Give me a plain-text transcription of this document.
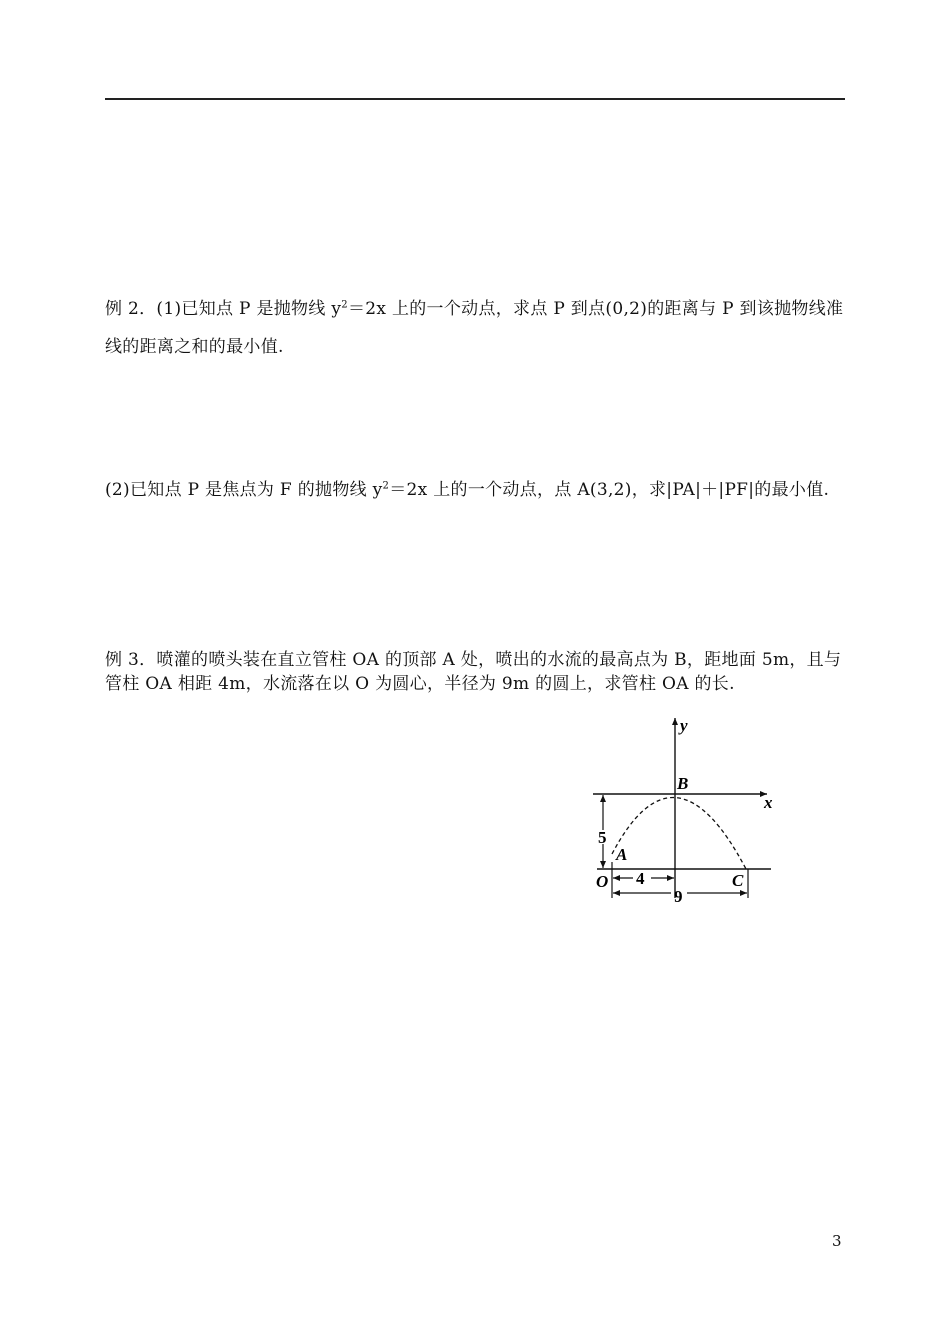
例 2．(1)已知点 P 是抛物线 $y^2=2x$ 上的一个动点，求点 P 到点(0,2)的距离与 P 到该抛物线准线的距离之和的最小值.
(2)已知点 P 是焦点为 F 的抛物线 $y^2=2x$ 上的一个动点，点 A(3,2)，求|PA|＋|PF|的最小值.
例 3．喷灌的喷头装在直立管柱 OA 的顶部 A 处，喷出的水流的最高点为 B，距地面 5m，且与管柱 OA 相距 4m，水流落在以 O 为圆心，半径为 9m 的圆上，求管柱 OA 的长.
y
x
B
A
O	C
5
4
9
3
